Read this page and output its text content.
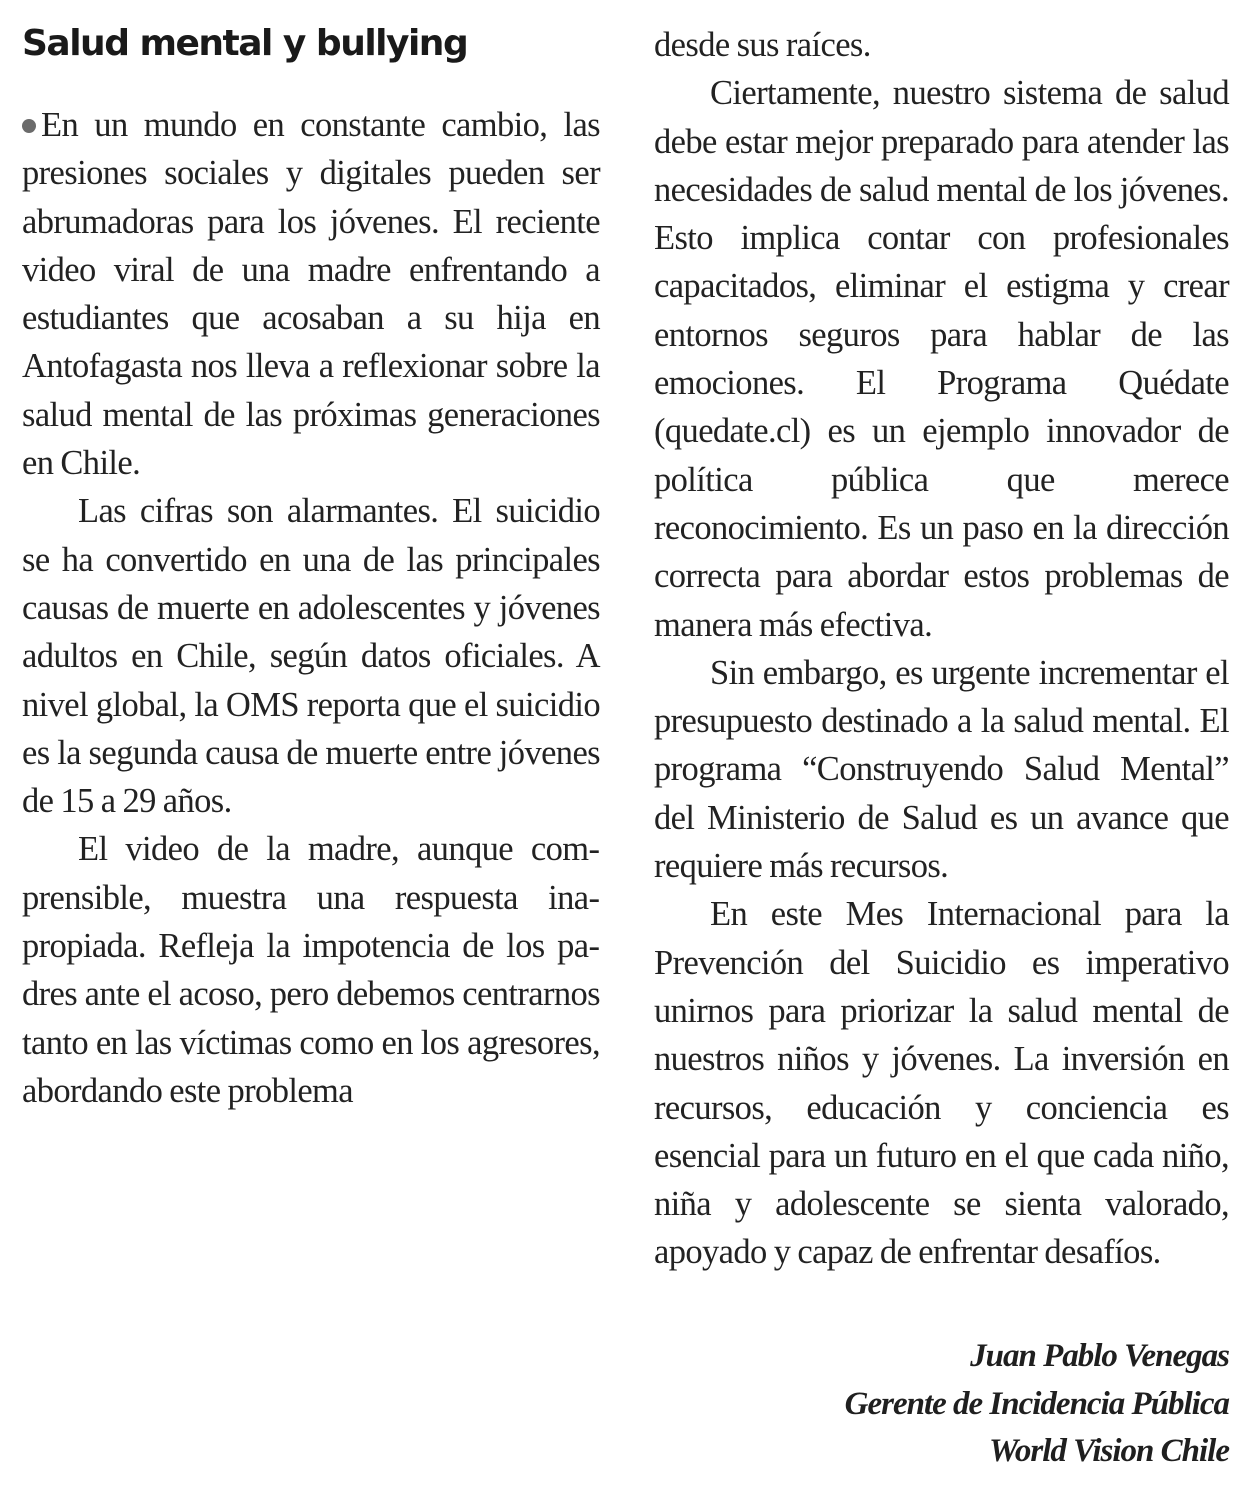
Salud mental y bullying

En un mundo en constante cambio, las presiones sociales y digitales pueden ser abrumadoras para los jóvenes. El reciente video viral de una madre enfrentando a estudiantes que acosaban a su hija en Antofagasta nos lleva a reflexionar sobre la salud mental de las próximas generaciones en Chile.

Las cifras son alarmantes. El suicidio se ha convertido en una de las principales causas de muerte en adolescentes y jóvenes adultos en Chile, según datos oficiales. A nivel global, la OMS reporta que el suicidio es la segunda causa de muerte entre jóvenes de 15 a 29 años.

El video de la madre, aunque comprensible, muestra una respuesta inapropiada. Refleja la impotencia de los padres ante el acoso, pero debemos centrarnos tanto en las víctimas como en los agresores, abordando este problema

desde sus raíces.

Ciertamente, nuestro sistema de salud debe estar mejor preparado para atender las necesidades de salud mental de los jóvenes. Esto implica contar con profesionales capacitados, eliminar el estigma y crear entornos seguros para hablar de las emociones. El Programa Quédate (quedate.cl) es un ejemplo innovador de política pública que merece reconocimiento. Es un paso en la dirección correcta para abordar estos problemas de manera más efectiva.

Sin embargo, es urgente incrementar el presupuesto destinado a la salud mental. El programa “Construyendo Salud Mental” del Ministerio de Salud es un avance que requiere más recursos.

En este Mes Internacional para la Prevención del Suicidio es imperativo unirnos para priorizar la salud mental de nuestros niños y jóvenes. La inversión en recursos, educación y conciencia es esencial para un futuro en el que cada niño, niña y adolescente se sienta valorado, apoyado y capaz de enfrentar desafíos.

Juan Pablo Venegas
Gerente de Incidencia Pública
World Vision Chile
